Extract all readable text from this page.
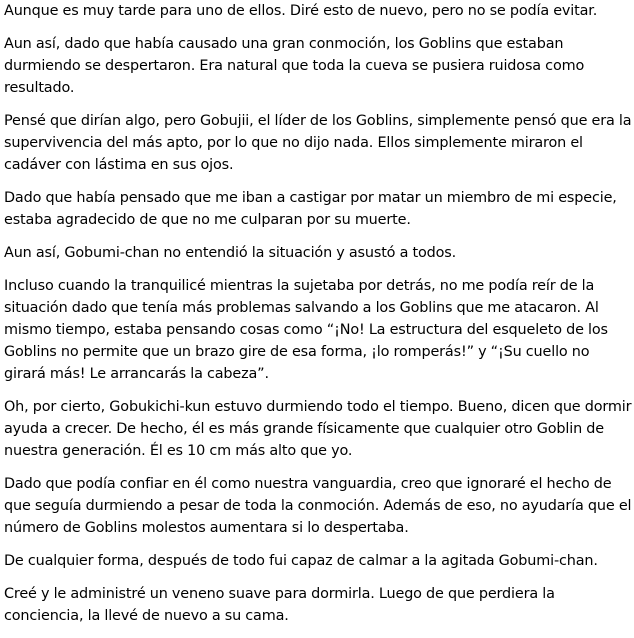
Aunque es muy tarde para uno de ellos. Diré esto de nuevo, pero no se podía evitar.

Aun así, dado que había causado una gran conmoción, los Goblins que estaban durmiendo se despertaron. Era natural que toda la cueva se pusiera ruidosa como resultado.

Pensé que dirían algo, pero Gobujii, el líder de los Goblins, simplemente pensó que era la supervivencia del más apto, por lo que no dijo nada. Ellos simplemente miraron el cadáver con lástima en sus ojos.

Dado que había pensado que me iban a castigar por matar un miembro de mi especie, estaba agradecido de que no me culparan por su muerte.

Aun así, Gobumi-chan no entendió la situación y asustó a todos.

Incluso cuando la tranquilicé mientras la sujetaba por detrás, no me podía reír de la situación dado que tenía más problemas salvando a los Goblins que me atacaron. Al mismo tiempo, estaba pensando cosas como “¡No! La estructura del esqueleto de los Goblins no permite que un brazo gire de esa forma, ¡lo romperás!” y “¡Su cuello no girará más! Le arrancarás la cabeza”.

Oh, por cierto, Gobukichi-kun estuvo durmiendo todo el tiempo. Bueno, dicen que dormir ayuda a crecer. De hecho, él es más grande físicamente que cualquier otro Goblin de nuestra generación. Él es 10 cm más alto que yo.

Dado que podía confiar en él como nuestra vanguardia, creo que ignoraré el hecho de que seguía durmiendo a pesar de toda la conmoción. Además de eso, no ayudaría que el número de Goblins molestos aumentara si lo despertaba.

De cualquier forma, después de todo fui capaz de calmar a la agitada Gobumi-chan.

Creé y le administré un veneno suave para dormirla. Luego de que perdiera la conciencia, la llevé de nuevo a su cama.
